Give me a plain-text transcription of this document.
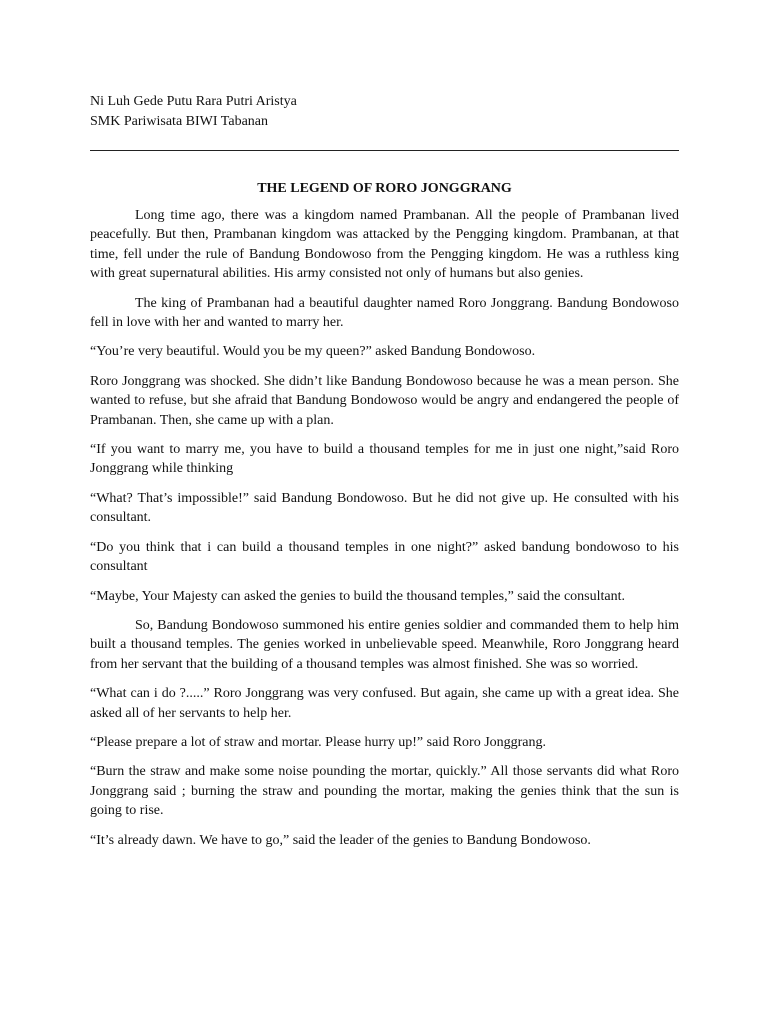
Ni Luh Gede Putu Rara Putri Aristya

SMK Pariwisata BIWI Tabanan

THE LEGEND OF RORO JONGGRANG

Long time ago, there was a kingdom named Prambanan. All the people of Prambanan lived peacefully. But then, Prambanan kingdom was attacked by the Pengging kingdom. Prambanan, at that time, fell under the rule of Bandung Bondowoso from the Pengging kingdom. He was a ruthless king with great supernatural abilities. His army consisted not only of humans but also genies.

The king of Prambanan had a beautiful daughter named Roro Jonggrang. Bandung Bondowoso fell in love with her and wanted to marry her.

“You’re very beautiful. Would you be my queen?” asked Bandung Bondowoso.

Roro Jonggrang was shocked. She didn’t like Bandung Bondowoso because he was a mean person. She wanted to refuse, but she afraid that Bandung Bondowoso would be angry and endangered the people of Prambanan. Then, she came up with a plan.

“If you want to marry me, you have to build a thousand temples for me in just one night,”said Roro Jonggrang while thinking

“What? That’s impossible!” said Bandung Bondowoso. But he did not give up. He consulted with his consultant.

“Do you think that i can build a thousand temples in one night?” asked bandung bondowoso to his consultant

“Maybe, Your Majesty can asked the genies to build the thousand temples,” said the consultant.

So, Bandung Bondowoso summoned his entire genies soldier and commanded them to help him built a thousand temples. The genies worked in unbelievable speed. Meanwhile, Roro Jonggrang heard from her servant that the building of a thousand temples was almost finished. She was so worried.

“What can i do ?.....” Roro Jonggrang was very confused. But again, she came up with a great idea. She asked all of her servants to help her.

“Please prepare a lot of straw and mortar. Please hurry up!” said Roro Jonggrang.

“Burn the straw and make some noise pounding the mortar, quickly.” All those servants did what Roro Jonggrang said ; burning the straw and pounding the mortar, making the genies think that the sun is going to rise.

“It’s already dawn. We have to go,” said the leader of the genies to Bandung Bondowoso.
